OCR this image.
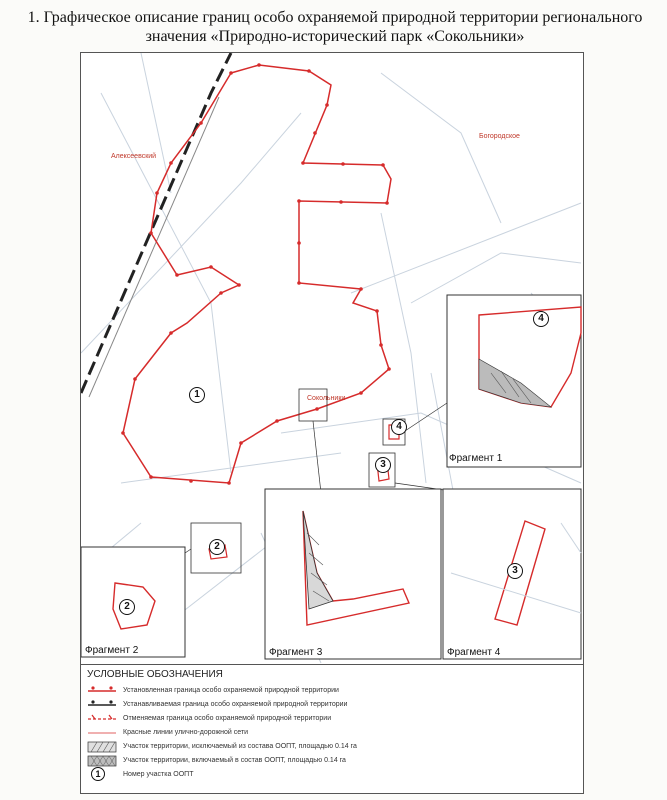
1. Графическое описание границ особо охраняемой природной территории регионального
значения «Природно-исторический парк «Сокольники»
Алексеевский
Богородское
Сокольники
1
2
2
3
3
4
4
Фрагмент 1
Фрагмент 2	Фрагмент 3	Фрагмент 4
УСЛОВНЫЕ ОБОЗНАЧЕНИЯ
Установленная граница особо охраняемой природной территории
Устанавливаемая граница особо охраняемой природной территории
Отменяемая граница особо охраняемой природной территории
Красные линии улично-дорожной сети
Участок территории, исключаемый из состава ООПТ, площадью 0.14 га
Участок территории, включаемый в состав ООПТ, площадью 0.14 га
1	Номер участка ООПТ
